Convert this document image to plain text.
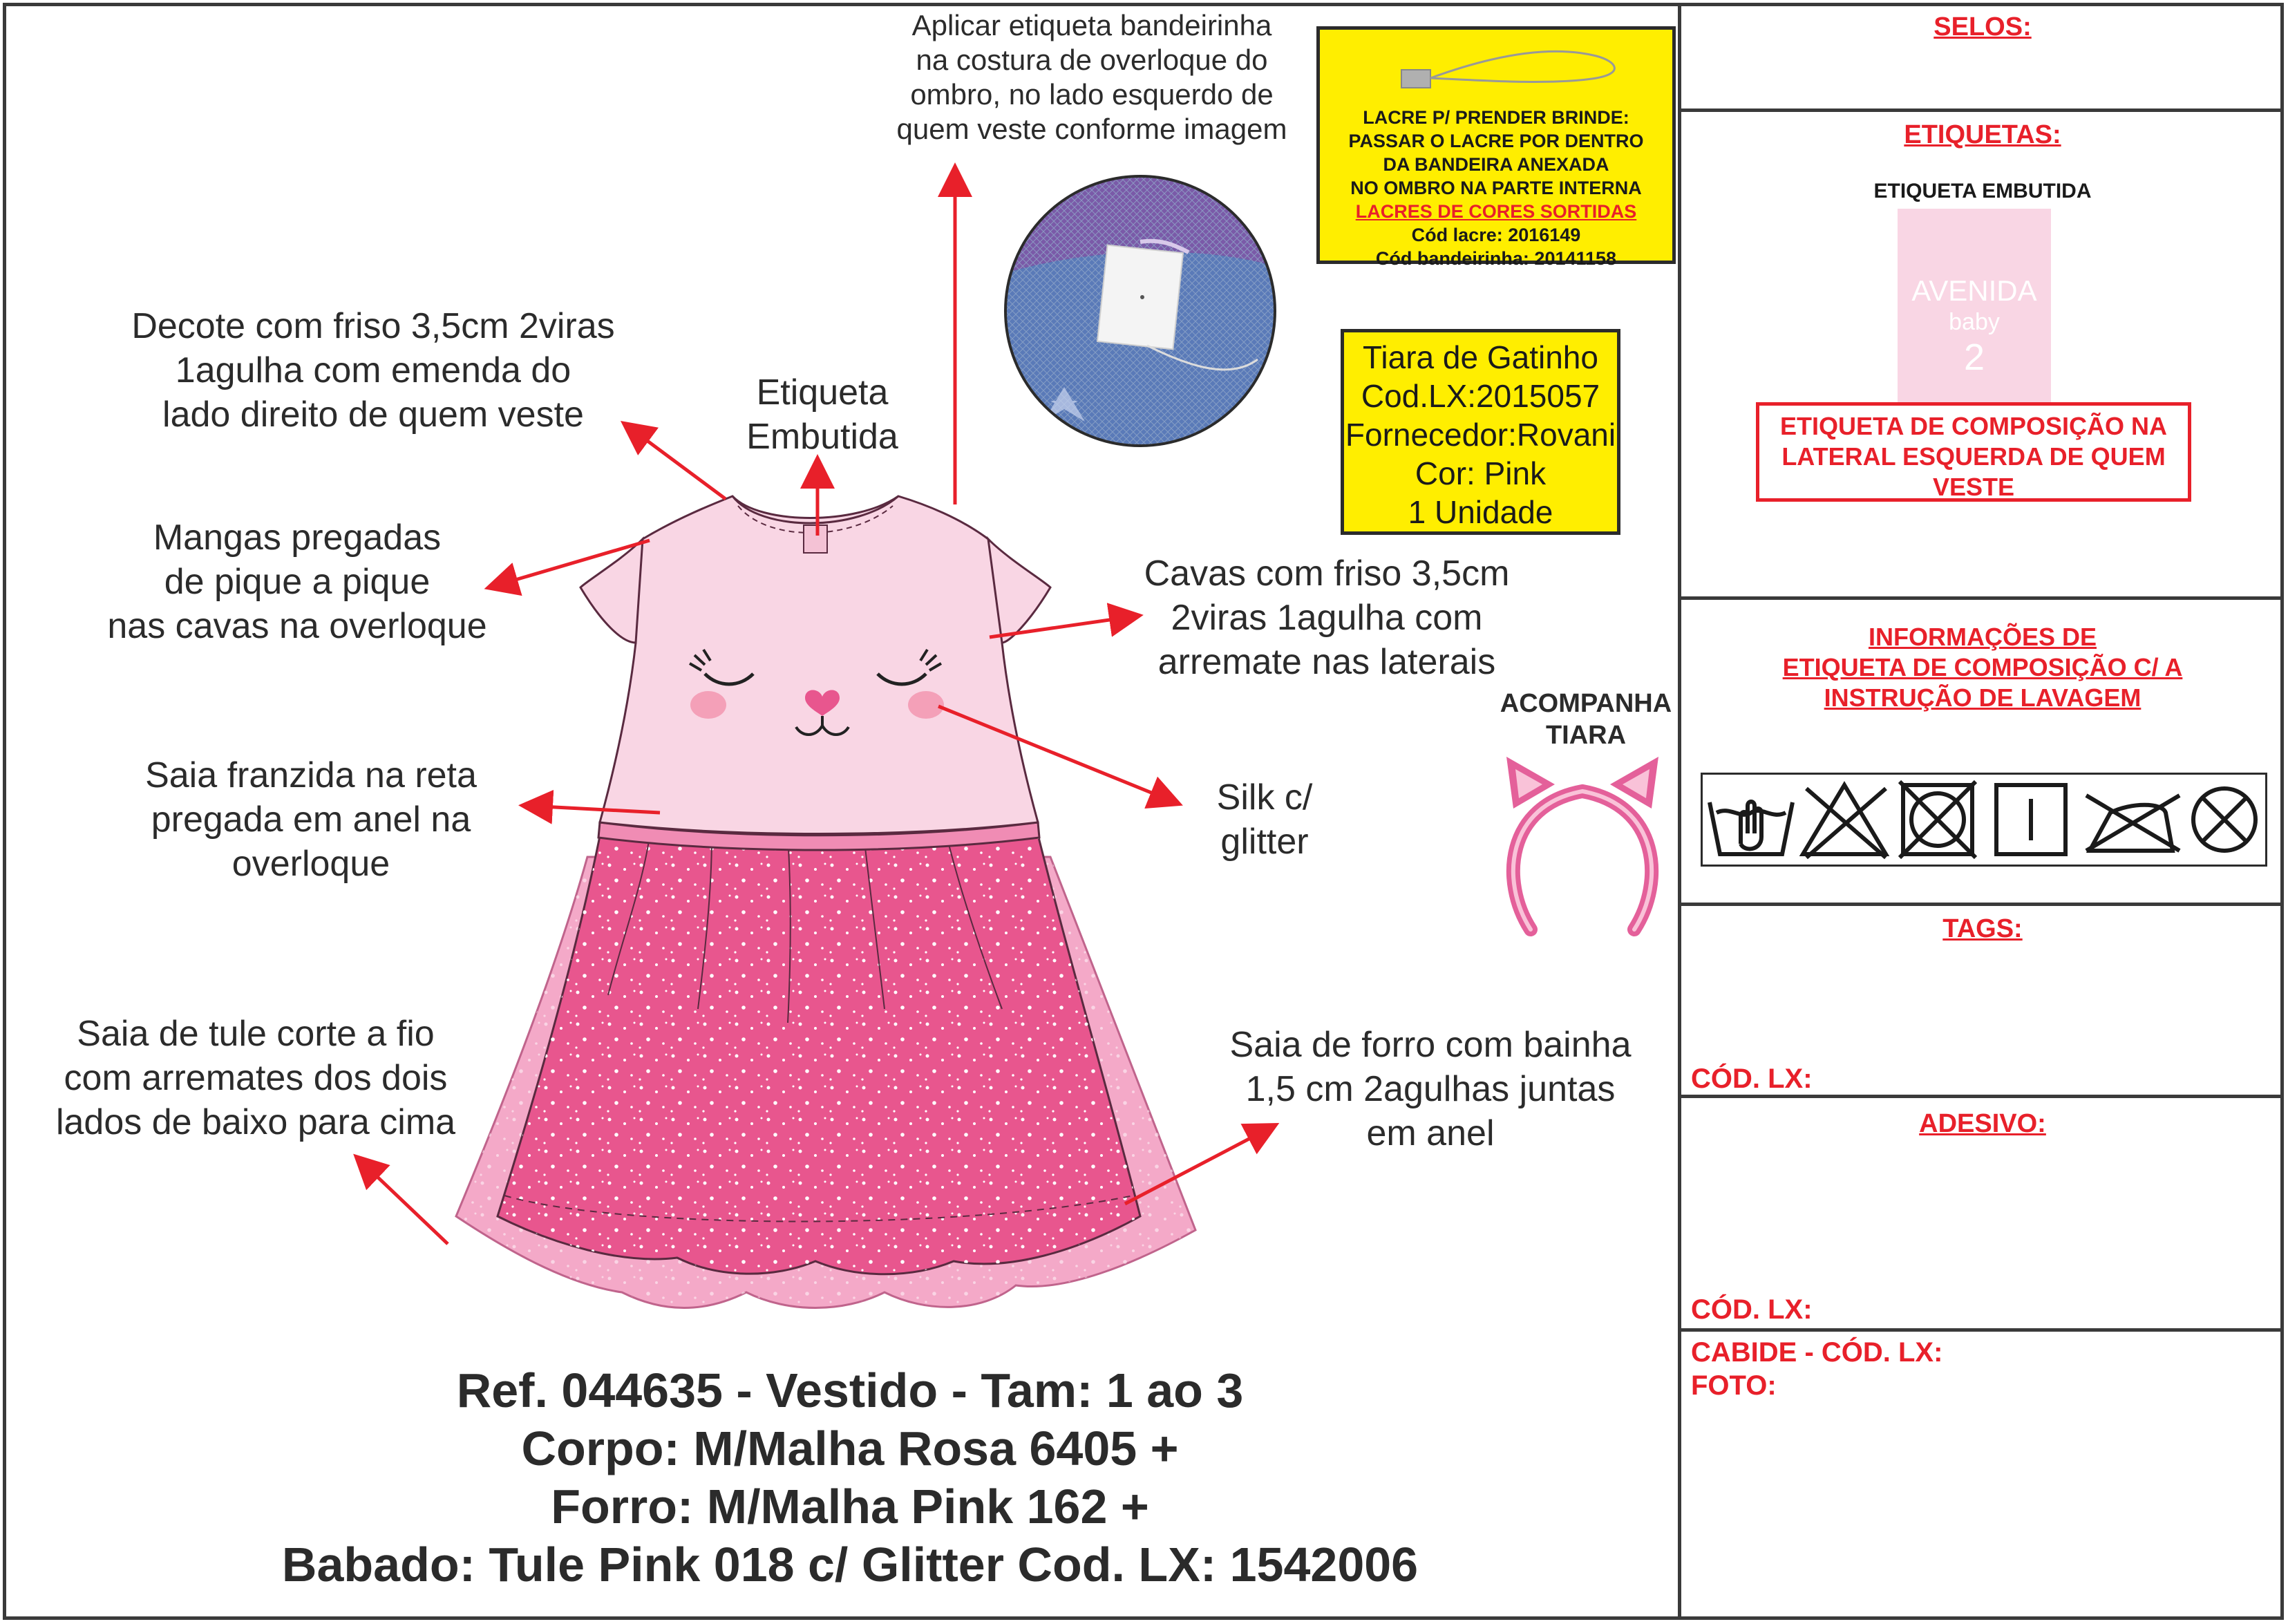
Aplicar etiqueta bandeirinha
na costura de overloque do
ombro, no lado esquerdo de
quem veste conforme imagem	LACRE P/ PRENDER BRINDE:
PASSAR O LACRE POR DENTRO
DA BANDEIRA ANEXADA
NO OMBRO NA PARTE INTERNA
LACRES DE CORES SORTIDAS
Cód lacre: 2016149
Cód bandeirinha: 20141158
Tiara de Gatinho
Cod.LX:2015057
Fornecedor:Rovani
Cor: Pink
1 Unidade
Decote com friso 3,5cm 2viras
1agulha com emenda do
lado direito de quem veste
Etiqueta
Embutida
Mangas pregadas
de pique a pique
nas cavas na overloque
Cavas com friso 3,5cm
2viras 1agulha com
arremate nas laterais
Saia franzida na reta
pregada em anel na
overloque
Silk c/
glitter
Saia de tule corte a fio
com arremates dos dois
lados de baixo para cima
Saia de forro com bainha
1,5 cm 2agulhas juntas
em anel
ACOMPANHA
TIARA
Ref. 044635 - Vestido - Tam: 1 ao 3
Corpo: M/Malha Rosa 6405 +
Forro: M/Malha Pink 162 +
Babado: Tule Pink 018 c/ Glitter Cod. LX: 1542006
SELOS:
ETIQUETAS:
ETIQUETA EMBUTIDA
AVENIDA
baby
2
ETIQUETA DE COMPOSIÇÃO NA
LATERAL ESQUERDA DE QUEM
VESTE
INFORMAÇÕES DE
ETIQUETA DE COMPOSIÇÃO C/ A
INSTRUÇÃO DE LAVAGEM
TAGS:
CÓD. LX:
ADESIVO:
CÓD. LX:
CABIDE - CÓD. LX:
FOTO:
